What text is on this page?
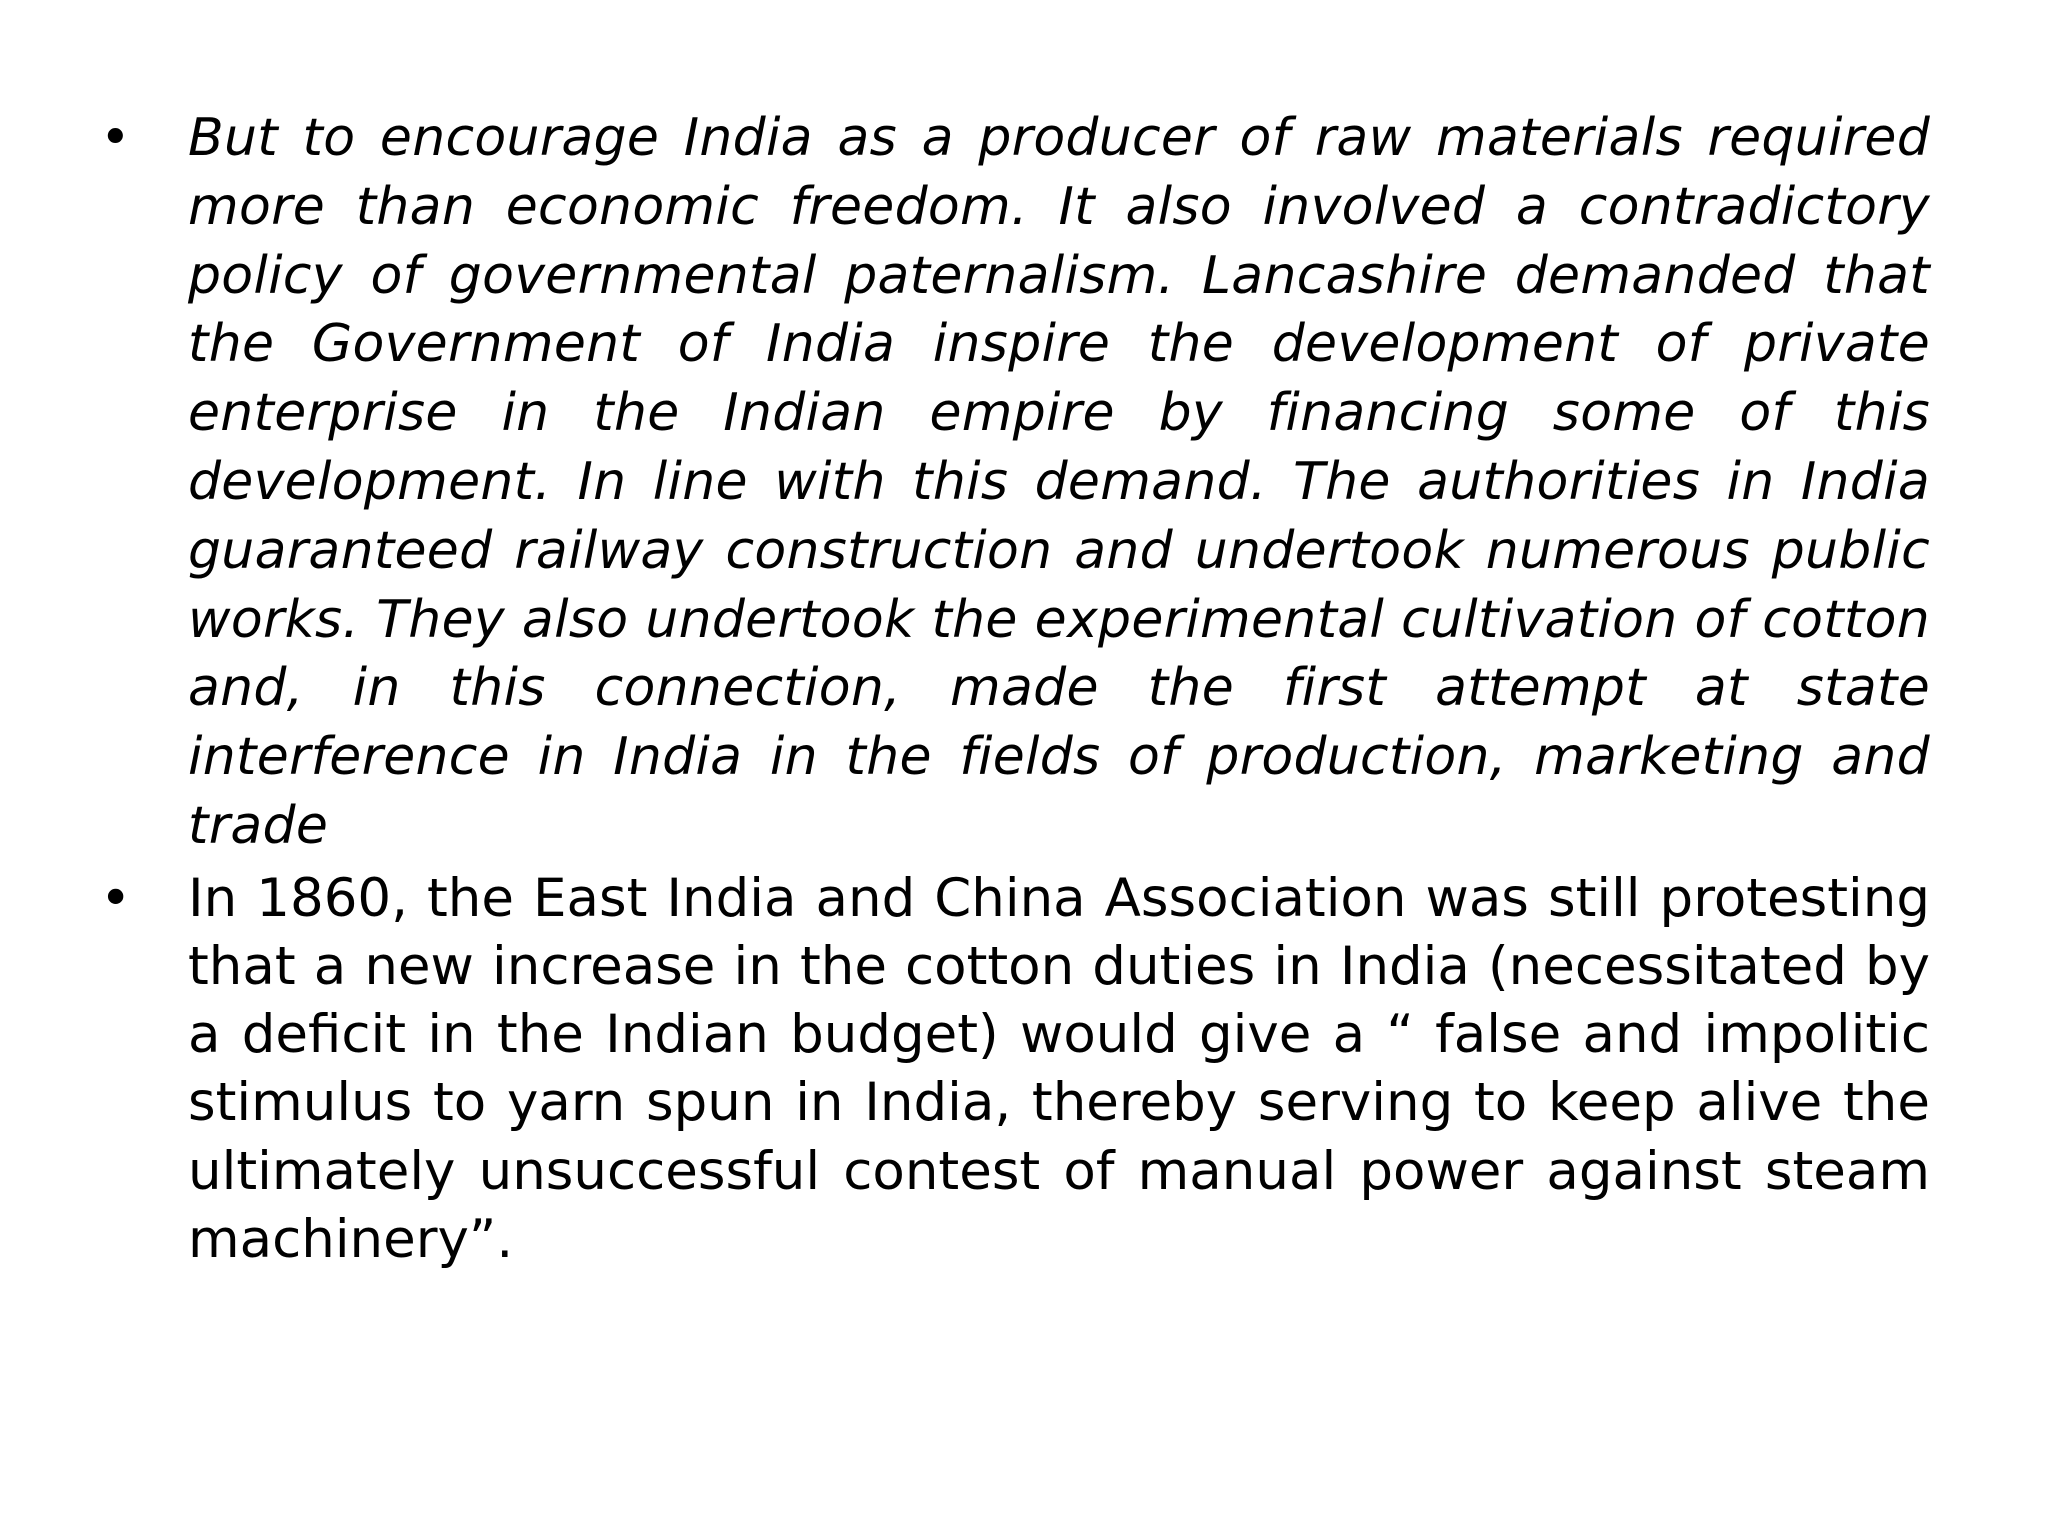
• But to encourage India as a producer of raw materials required more than economic freedom. It also involved a contradictory policy of governmental paternalism. Lancashire demanded that the Government of India inspire the development of private enterprise in the Indian empire by financing some of this development. In line with this demand. The authorities in India guaranteed railway construction and undertook numerous public works. They also undertook the experimental cultivation of cotton and, in this connection, made the first attempt at state interference in India in the fields of production, marketing and trade
• In 1860, the East India and China Association was still protesting that a new increase in the cotton duties in India (necessitated by a deficit in the Indian budget) would give a “ false and impolitic stimulus to yarn spun in India, thereby serving to keep alive the ultimately unsuccessful contest of manual power against steam machinery”.
